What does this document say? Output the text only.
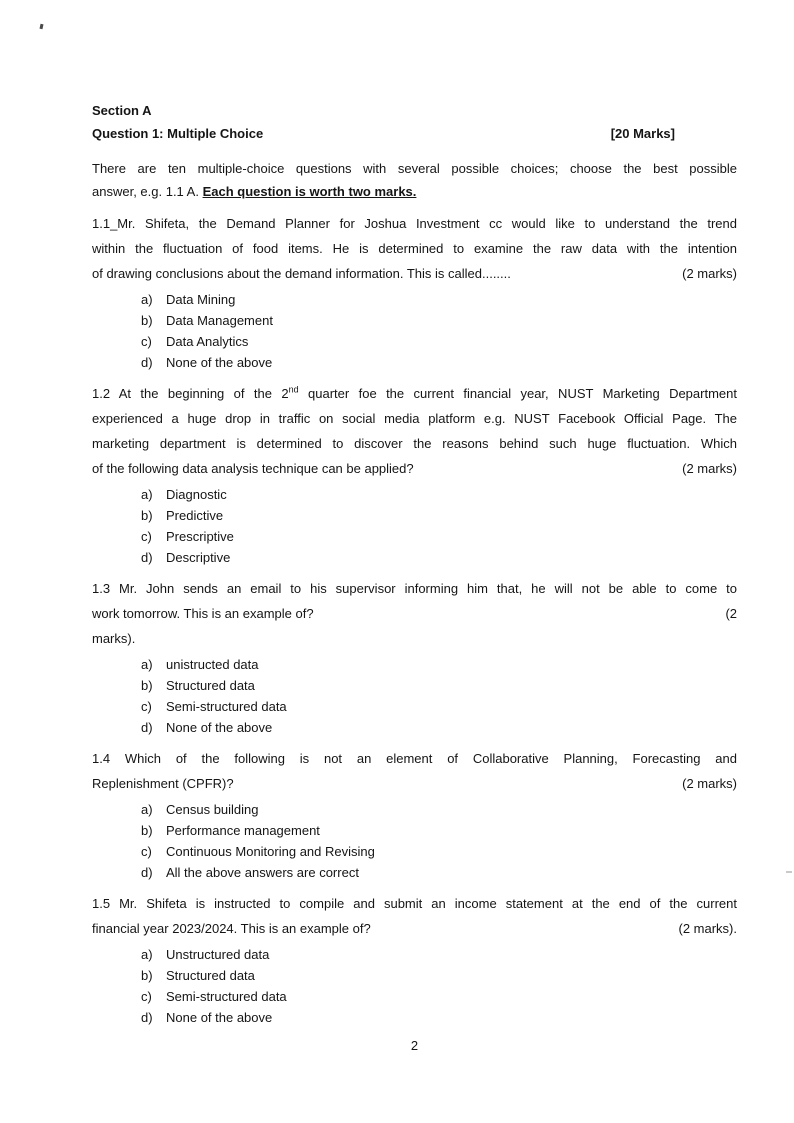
Section A
Question 1: Multiple Choice	[20 Marks]
There are ten multiple-choice questions with several possible choices; choose the best possible
answer, e.g. 1.1 A. Each question is worth two marks.
1.1_Mr. Shifeta, the Demand Planner for Joshua Investment cc would like to understand the trend
within the fluctuation of food items. He is determined to examine the raw data with the intention
of drawing conclusions about the demand information. This is called........	(2 marks)
a)	Data Mining
b)	Data Management
c)	Data Analytics
d)	None of the above
1.2 At the beginning of the 2nd quarter foe the current financial year, NUST Marketing Department
experienced a huge drop in traffic on social media platform e.g. NUST Facebook Official Page. The
marketing department is determined to discover the reasons behind such huge fluctuation. Which
of the following data analysis technique can be applied?	(2 marks)
a)	Diagnostic
b)	Predictive
c)	Prescriptive
d)	Descriptive
1.3 Mr. John sends an email to his supervisor informing him that, he will not be able to come to
work tomorrow. This is an example of?	(2
marks).
a)	unistructed data
b)	Structured data
c)	Semi-structured data
d)	None of the above
1.4 Which of the following is not an element of Collaborative Planning, Forecasting and
Replenishment (CPFR)?	(2 marks)
a)	Census building
b)	Performance management
c)	Continuous Monitoring and Revising
d)	All the above answers are correct
1.5 Mr. Shifeta is instructed to compile and submit an income statement at the end of the current
financial year 2023/2024. This is an example of?	(2 marks).
a)	Unstructured data
b)	Structured data
c)	Semi-structured data
d)	None of the above
2
